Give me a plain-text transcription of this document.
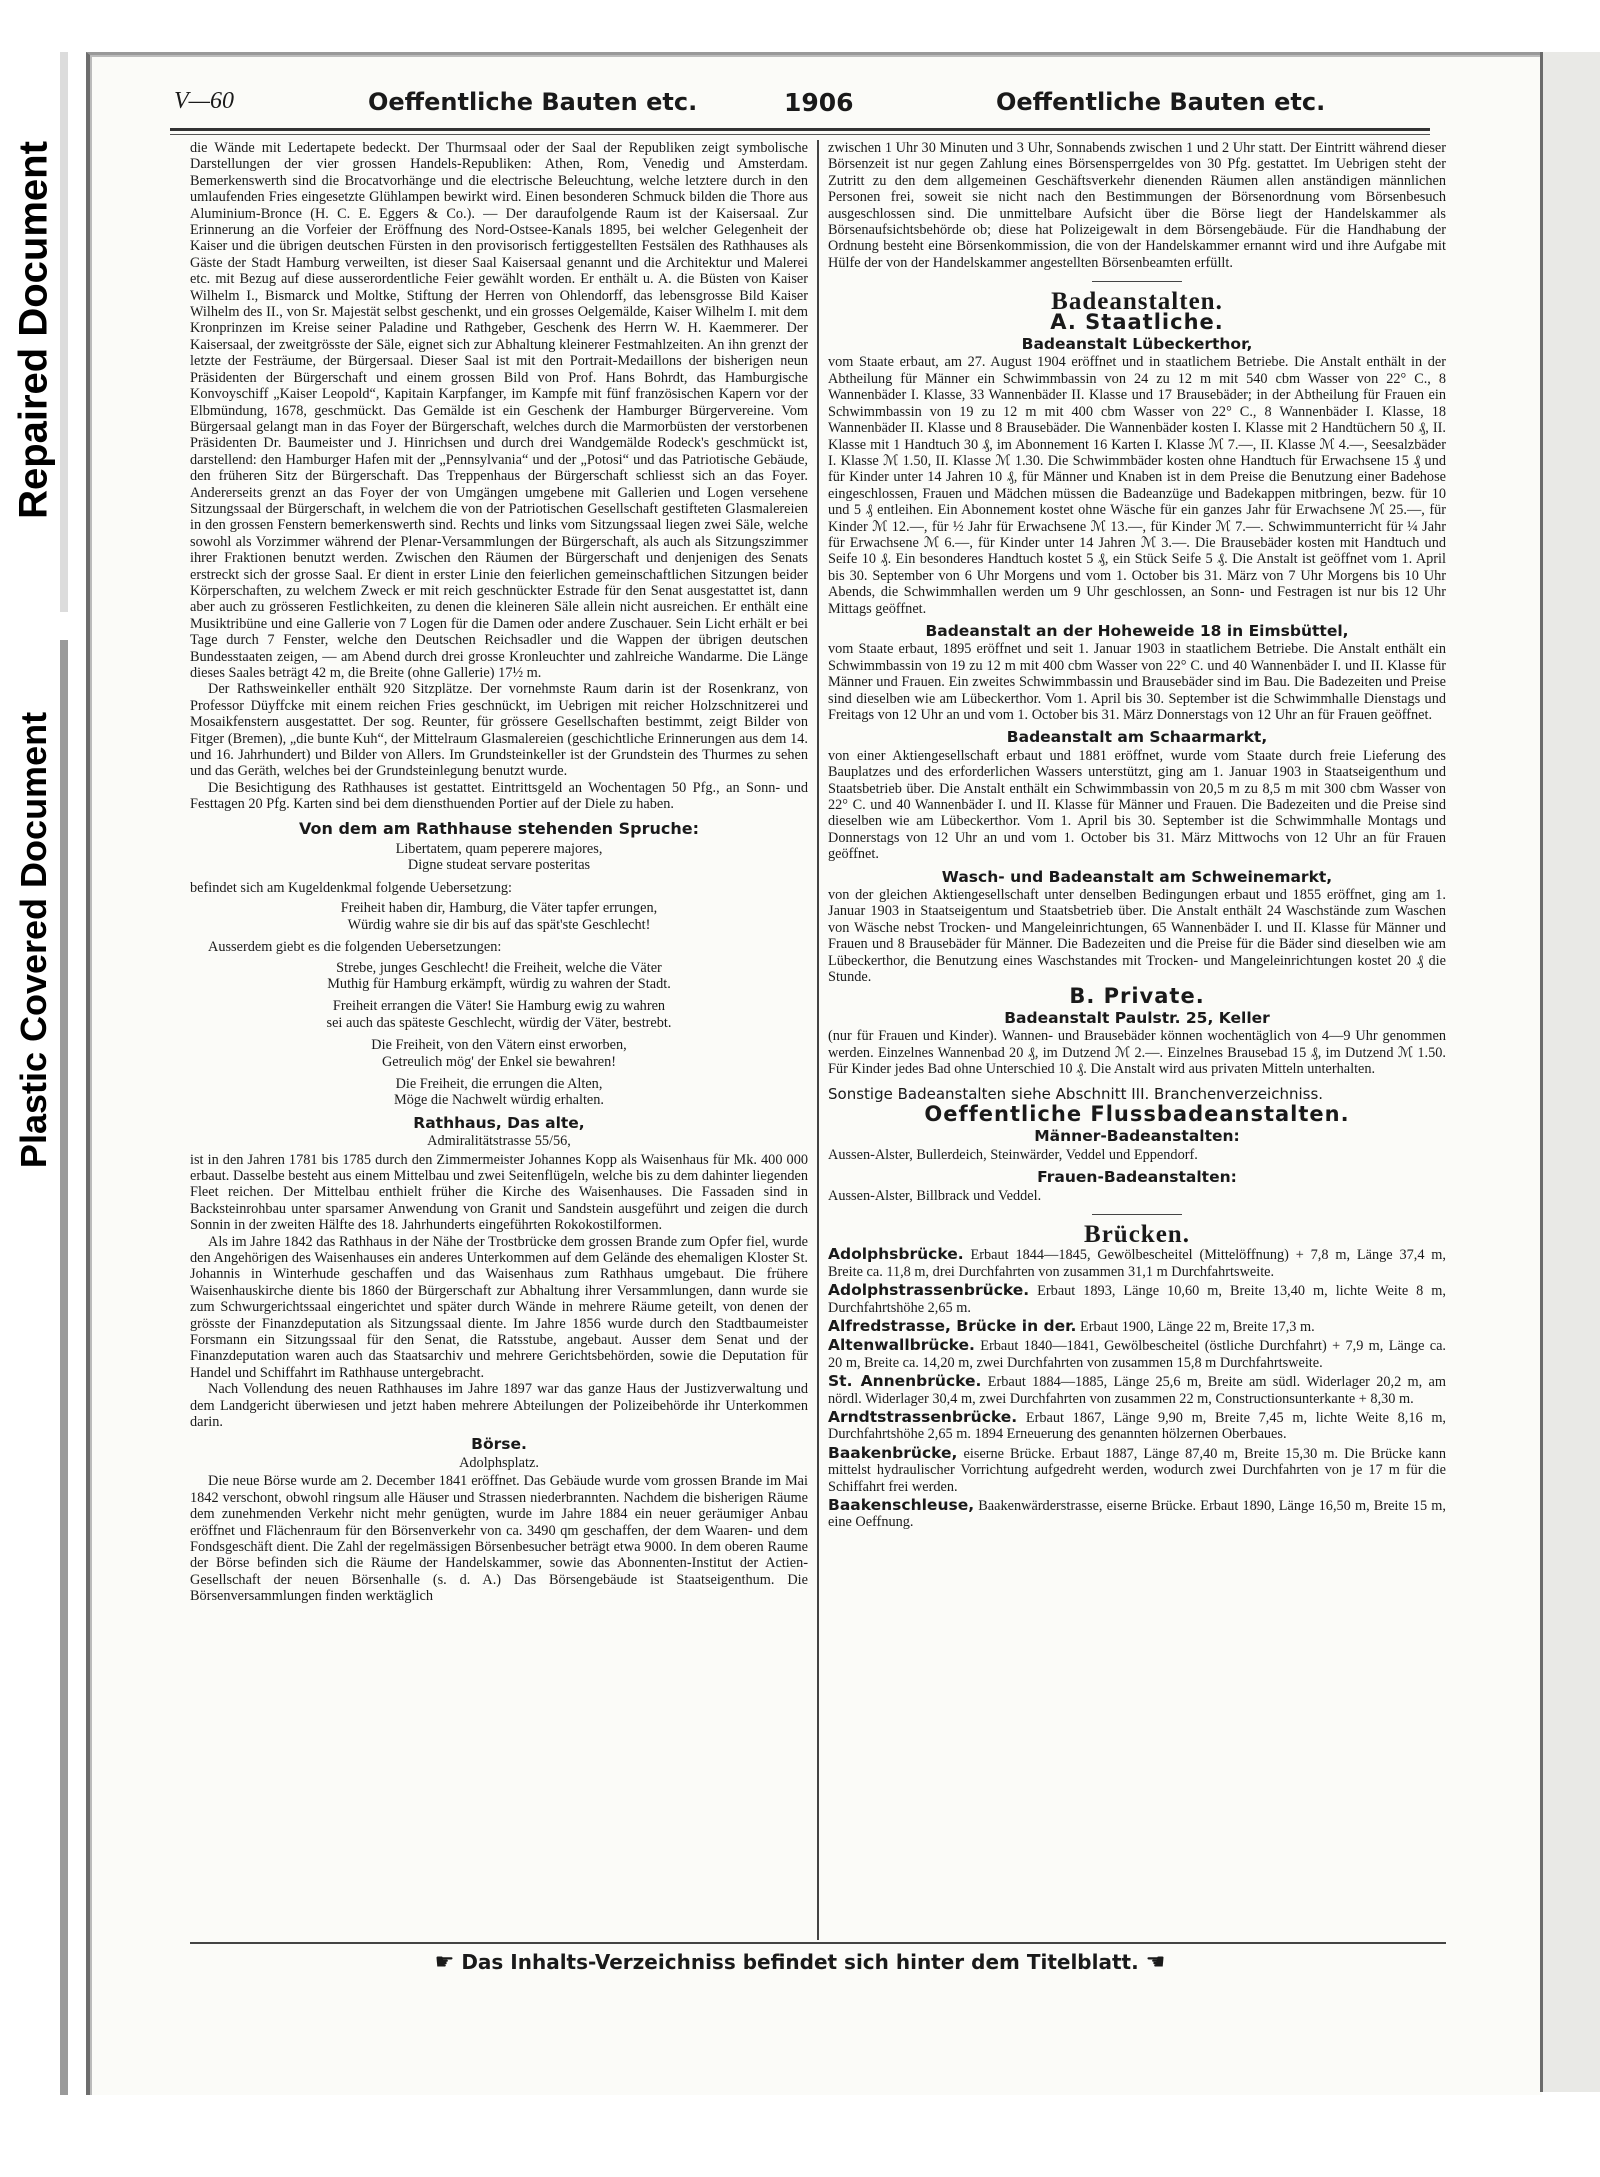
Repaired Document
Plastic Covered Document
V—60	Oeffentliche Bauten etc.	1906	Oeffentliche Bauten etc.

die Wände mit Ledertapete bedeckt. Der Thurmsaal oder der Saal der Republiken zeigt symbolische Darstellungen der vier grossen Handels-Republiken: Athen, Rom, Venedig und Amsterdam. Bemerkenswerth sind die Brocatvorhänge und die electrische Beleuchtung, welche letztere durch in den umlaufenden Fries eingesetzte Glühlampen bewirkt wird. Einen besonderen Schmuck bilden die Thore aus Aluminium-Bronce (H. C. E. Eggers & Co.). — Der daraufolgende Raum ist der Kaisersaal. Zur Erinnerung an die Vorfeier der Eröffnung des Nord-Ostsee-Kanals 1895, bei welcher Gelegenheit der Kaiser und die übrigen deutschen Fürsten in den provisorisch fertiggestellten Festsälen des Rathhauses als Gäste der Stadt Hamburg verweilten, ist dieser Saal Kaisersaal genannt und die Architektur und Malerei etc. mit Bezug auf diese ausserordentliche Feier gewählt worden. Er enthält u. A. die Büsten von Kaiser Wilhelm I., Bismarck und Moltke, Stiftung der Herren von Ohlendorff, das lebensgrosse Bild Kaiser Wilhelm des II., von Sr. Majestät selbst geschenkt, und ein grosses Oelgemälde, Kaiser Wilhelm I. mit dem Kronprinzen im Kreise seiner Paladine und Rathgeber, Geschenk des Herrn W. H. Kaemmerer. Der Kaisersaal, der zweitgrösste der Säle, eignet sich zur Abhaltung kleinerer Festmahlzeiten. An ihn grenzt der letzte der Festräume, der Bürgersaal. Dieser Saal ist mit den Portrait-Medaillons der bisherigen neun Präsidenten der Bürgerschaft und einem grossen Bild von Prof. Hans Bohrdt, das Hamburgische Konvoyschiff „Kaiser Leopold“, Kapitain Karpfanger, im Kampfe mit fünf französischen Kapern vor der Elbmündung, 1678, geschmückt. Das Gemälde ist ein Geschenk der Hamburger Bürgervereine. Vom Bürgersaal gelangt man in das Foyer der Bürgerschaft, welches durch die Marmorbüsten der verstorbenen Präsidenten Dr. Baumeister und J. Hinrichsen und durch drei Wandgemälde Rodeck's geschmückt ist, darstellend: den Hamburger Hafen mit der „Pennsylvania“ und der „Potosi“ und das Patriotische Gebäude, den früheren Sitz der Bürgerschaft. Das Treppenhaus der Bürgerschaft schliesst sich an das Foyer. Andererseits grenzt an das Foyer der von Umgängen umgebene mit Gallerien und Logen versehene Sitzungssaal der Bürgerschaft, in welchem die von der Patriotischen Gesellschaft gestifteten Glasmalereien in den grossen Fenstern bemerkenswerth sind. Rechts und links vom Sitzungssaal liegen zwei Säle, welche sowohl als Vorzimmer während der Plenar-Versammlungen der Bürgerschaft, als auch als Sitzungszimmer ihrer Fraktionen benutzt werden. Zwischen den Räumen der Bürgerschaft und denjenigen des Senats erstreckt sich der grosse Saal. Er dient in erster Linie den feierlichen gemeinschaftlichen Sitzungen beider Körperschaften, zu welchem Zweck er mit reich geschnückter Estrade für den Senat ausgestattet ist, dann aber auch zu grösseren Festlichkeiten, zu denen die kleineren Säle allein nicht ausreichen. Er enthält eine Musiktribüne und eine Gallerie von 7 Logen für die Damen oder andere Zuschauer. Sein Licht erhält er bei Tage durch 7 Fenster, welche den Deutschen Reichsadler und die Wappen der übrigen deutschen Bundesstaaten zeigen, — am Abend durch drei grosse Kronleuchter und zahlreiche Wandarme. Die Länge dieses Saales beträgt 42 m, die Breite (ohne Gallerie) 17½ m.

Der Rathsweinkeller enthält 920 Sitzplätze. Der vornehmste Raum darin ist der Rosenkranz, von Professor Düyffcke mit einem reichen Fries geschnückt, im Uebrigen mit reicher Holzschnitzerei und Mosaikfenstern ausgestattet. Der sog. Reunter, für grössere Gesellschaften bestimmt, zeigt Bilder von Fitger (Bremen), „die bunte Kuh“, der Mittelraum Glasmalereien (geschichtliche Erinnerungen aus dem 14. und 16. Jahrhundert) und Bilder von Allers. Im Grundsteinkeller ist der Grundstein des Thurmes zu sehen und das Geräth, welches bei der Grundsteinlegung benutzt wurde.

Die Besichtigung des Rathhauses ist gestattet. Eintrittsgeld an Wochentagen 50 Pfg., an Sonn- und Festtagen 20 Pfg. Karten sind bei dem diensthuenden Portier auf der Diele zu haben.

Von dem am Rathhause stehenden Spruche:

Libertatem, quam peperere majores,

Digne studeat servare posteritas

befindet sich am Kugeldenkmal folgende Uebersetzung:

Freiheit haben dir, Hamburg, die Väter tapfer errungen,

Würdig wahre sie dir bis auf das spät'ste Geschlecht!

Ausserdem giebt es die folgenden Uebersetzungen:

Strebe, junges Geschlecht! die Freiheit, welche die Väter

Muthig für Hamburg erkämpft, würdig zu wahren der Stadt.

Freiheit errangen die Väter! Sie Hamburg ewig zu wahren

sei auch das späteste Geschlecht, würdig der Väter, bestrebt.

Die Freiheit, von den Vätern einst erworben,

Getreulich mög' der Enkel sie bewahren!

Die Freiheit, die errungen die Alten,

Möge die Nachwelt würdig erhalten.

Rathhaus, Das alte,
Admiralitätstrasse 55/56,

ist in den Jahren 1781 bis 1785 durch den Zimmermeister Johannes Kopp als Waisenhaus für Mk. 400 000 erbaut. Dasselbe besteht aus einem Mittelbau und zwei Seitenflügeln, welche bis zu dem dahinter liegenden Fleet reichen. Der Mittelbau enthielt früher die Kirche des Waisenhauses. Die Fassaden sind in Backsteinrohbau unter sparsamer Anwendung von Granit und Sandstein ausgeführt und zeigen die durch Sonnin in der zweiten Hälfte des 18. Jahrhunderts eingeführten Rokokostilformen.

Als im Jahre 1842 das Rathhaus in der Nähe der Trostbrücke dem grossen Brande zum Opfer fiel, wurde den Angehörigen des Waisenhauses ein anderes Unterkommen auf dem Gelände des ehemaligen Kloster St. Johannis in Winterhude geschaffen und das Waisenhaus zum Rathhaus umgebaut. Die frühere Waisenhauskirche diente bis 1860 der Bürgerschaft zur Abhaltung ihrer Versammlungen, dann wurde sie zum Schwurgerichtssaal eingerichtet und später durch Wände in mehrere Räume geteilt, von denen der grösste der Finanzdeputation als Sitzungssaal diente. Im Jahre 1856 wurde durch den Stadtbaumeister Forsmann ein Sitzungssaal für den Senat, die Ratsstube, angebaut. Ausser dem Senat und der Finanzdeputation waren auch das Staatsarchiv und mehrere Gerichtsbehörden, sowie die Deputation für Handel und Schiffahrt im Rathhause untergebracht.

Nach Vollendung des neuen Rathhauses im Jahre 1897 war das ganze Haus der Justizverwaltung und dem Landgericht überwiesen und jetzt haben mehrere Abteilungen der Polizeibehörde ihr Unterkommen darin.

Börse.
Adolphsplatz.

Die neue Börse wurde am 2. December 1841 eröffnet. Das Gebäude wurde vom grossen Brande im Mai 1842 verschont, obwohl ringsum alle Häuser und Strassen niederbrannten. Nachdem die bisherigen Räume dem zunehmenden Verkehr nicht mehr genügten, wurde im Jahre 1884 ein neuer geräumiger Anbau eröffnet und Flächenraum für den Börsenverkehr von ca. 3490 qm geschaffen, der dem Waaren- und dem Fondsgeschäft dient. Die Zahl der regelmässigen Börsenbesucher beträgt etwa 9000. In dem oberen Raume der Börse befinden sich die Räume der Handelskammer, sowie das Abonnenten-Institut der Actien-Gesellschaft der neuen Börsenhalle (s. d. A.) Das Börsengebäude ist Staatseigenthum. Die Börsenversammlungen finden werktäglich

zwischen 1 Uhr 30 Minuten und 3 Uhr, Sonnabends zwischen 1 und 2 Uhr statt. Der Eintritt während dieser Börsenzeit ist nur gegen Zahlung eines Börsensperrgeldes von 30 Pfg. gestattet. Im Uebrigen steht der Zutritt zu den dem allgemeinen Geschäftsverkehr dienenden Räumen allen anständigen männlichen Personen frei, soweit sie nicht nach den Bestimmungen der Börsenordnung vom Börsenbesuch ausgeschlossen sind. Die unmittelbare Aufsicht über die Börse liegt der Handelskammer als Börsenaufsichtsbehörde ob; diese hat Polizeigewalt in dem Börsengebäude. Für die Handhabung der Ordnung besteht eine Börsenkommission, die von der Handelskammer ernannt wird und ihre Aufgabe mit Hülfe der von der Handelskammer angestellten Börsenbeamten erfüllt.

Badeanstalten.
A. Staatliche.
Badeanstalt Lübeckerthor,

vom Staate erbaut, am 27. August 1904 eröffnet und in staatlichem Betriebe. Die Anstalt enthält in der Abtheilung für Männer ein Schwimmbassin von 24 zu 12 m mit 540 cbm Wasser von 22° C., 8 Wannenbäder I. Klasse, 33 Wannenbäder II. Klasse und 17 Brausebäder; in der Abtheilung für Frauen ein Schwimmbassin von 19 zu 12 m mit 400 cbm Wasser von 22° C., 8 Wannenbäder I. Klasse, 18 Wannenbäder II. Klasse und 8 Brausebäder. Die Wannenbäder kosten I. Klasse mit 2 Handtüchern 50 ₰, II. Klasse mit 1 Handtuch 30 ₰, im Abonnement 16 Karten I. Klasse ℳ 7.—, II. Klasse ℳ 4.—, Seesalzbäder I. Klasse ℳ 1.50, II. Klasse ℳ 1.30. Die Schwimmbäder kosten ohne Handtuch für Erwachsene 15 ₰ und für Kinder unter 14 Jahren 10 ₰, für Männer und Knaben ist in dem Preise die Benutzung einer Badehose eingeschlossen, Frauen und Mädchen müssen die Badeanzüge und Badekappen mitbringen, bezw. für 10 und 5 ₰ entleihen. Ein Abonnement kostet ohne Wäsche für ein ganzes Jahr für Erwachsene ℳ 25.—, für Kinder ℳ 12.—, für ½ Jahr für Erwachsene ℳ 13.—, für Kinder ℳ 7.—. Schwimmunterricht für ¼ Jahr für Erwachsene ℳ 6.—, für Kinder unter 14 Jahren ℳ 3.—. Die Brausebäder kosten mit Handtuch und Seife 10 ₰. Ein besonderes Handtuch kostet 5 ₰, ein Stück Seife 5 ₰. Die Anstalt ist geöffnet vom 1. April bis 30. September von 6 Uhr Morgens und vom 1. October bis 31. März von 7 Uhr Morgens bis 10 Uhr Abends, die Schwimmhallen werden um 9 Uhr geschlossen, an Sonn- und Festragen ist nur bis 12 Uhr Mittags geöffnet.

Badeanstalt an der Hoheweide 18 in Eimsbüttel,

vom Staate erbaut, 1895 eröffnet und seit 1. Januar 1903 in staatlichem Betriebe. Die Anstalt enthält ein Schwimmbassin von 19 zu 12 m mit 400 cbm Wasser von 22° C. und 40 Wannenbäder I. und II. Klasse für Männer und Frauen. Ein zweites Schwimmbassin und Brausebäder sind im Bau. Die Badezeiten und Preise sind dieselben wie am Lübeckerthor. Vom 1. April bis 30. September ist die Schwimmhalle Dienstags und Freitags von 12 Uhr an und vom 1. October bis 31. März Donnerstags von 12 Uhr an für Frauen geöffnet.

Badeanstalt am Schaarmarkt,

von einer Aktiengesellschaft erbaut und 1881 eröffnet, wurde vom Staate durch freie Lieferung des Bauplatzes und des erforderlichen Wassers unterstützt, ging am 1. Januar 1903 in Staatseigenthum und Staatsbetrieb über. Die Anstalt enthält ein Schwimmbassin von 20,5 m zu 8,5 m mit 300 cbm Wasser von 22° C. und 40 Wannenbäder I. und II. Klasse für Männer und Frauen. Die Badezeiten und die Preise sind dieselben wie am Lübeckerthor. Vom 1. April bis 30. September ist die Schwimmhalle Montags und Donnerstags von 12 Uhr an und vom 1. October bis 31. März Mittwochs von 12 Uhr an für Frauen geöffnet.

Wasch- und Badeanstalt am Schweinemarkt,

von der gleichen Aktiengesellschaft unter denselben Bedingungen erbaut und 1855 eröffnet, ging am 1. Januar 1903 in Staatseigentum und Staatsbetrieb über. Die Anstalt enthält 24 Waschstände zum Waschen von Wäsche nebst Trocken- und Mangeleinrichtungen, 65 Wannenbäder I. und II. Klasse für Männer und Frauen und 8 Brausebäder für Männer. Die Badezeiten und die Preise für die Bäder sind dieselben wie am Lübeckerthor, die Benutzung eines Waschstandes mit Trocken- und Mangeleinrichtungen kostet 20 ₰ die Stunde.

B. Private.
Badeanstalt Paulstr. 25, Keller

(nur für Frauen und Kinder). Wannen- und Brausebäder können wochentäglich von 4—9 Uhr genommen werden. Einzelnes Wannenbad 20 ₰, im Dutzend ℳ 2.—. Einzelnes Brausebad 15 ₰, im Dutzend ℳ 1.50. Für Kinder jedes Bad ohne Unterschied 10 ₰. Die Anstalt wird aus privaten Mitteln unterhalten.

Sonstige Badeanstalten siehe Abschnitt III. Branchenverzeichniss.
Oeffentliche Flussbadeanstalten.
Männer-Badeanstalten:

Aussen-Alster, Bullerdeich, Steinwärder, Veddel und Eppendorf.

Frauen-Badeanstalten:

Aussen-Alster, Billbrack und Veddel.

Brücken.

Adolphsbrücke. Erbaut 1844—1845, Gewölbescheitel (Mittelöffnung) + 7,8 m, Länge 37,4 m, Breite ca. 11,8 m, drei Durchfahrten von zusammen 31,1 m Durchfahrtsweite.

Adolphstrassenbrücke. Erbaut 1893, Länge 10,60 m, Breite 13,40 m, lichte Weite 8 m, Durchfahrtshöhe 2,65 m.

Alfredstrasse, Brücke in der. Erbaut 1900, Länge 22 m, Breite 17,3 m.

Altenwallbrücke. Erbaut 1840—1841, Gewölbescheitel (östliche Durchfahrt) + 7,9 m, Länge ca. 20 m, Breite ca. 14,20 m, zwei Durchfahrten von zusammen 15,8 m Durchfahrtsweite.

St. Annenbrücke. Erbaut 1884—1885, Länge 25,6 m, Breite am südl. Widerlager 20,2 m, am nördl. Widerlager 30,4 m, zwei Durchfahrten von zusammen 22 m, Constructionsunterkante + 8,30 m.

Arndtstrassenbrücke. Erbaut 1867, Länge 9,90 m, Breite 7,45 m, lichte Weite 8,16 m, Durchfahrtshöhe 2,65 m. 1894 Erneuerung des genannten hölzernen Oberbaues.

Baakenbrücke, eiserne Brücke. Erbaut 1887, Länge 87,40 m, Breite 15,30 m. Die Brücke kann mittelst hydraulischer Vorrichtung aufgedreht werden, wodurch zwei Durchfahrten von je 17 m für die Schiffahrt frei werden.

Baakenschleuse, Baakenwärderstrasse, eiserne Brücke. Erbaut 1890, Länge 16,50 m, Breite 15 m, eine Oeffnung.

☛ Das Inhalts-Verzeichniss befindet sich hinter dem Titelblatt. ☚
